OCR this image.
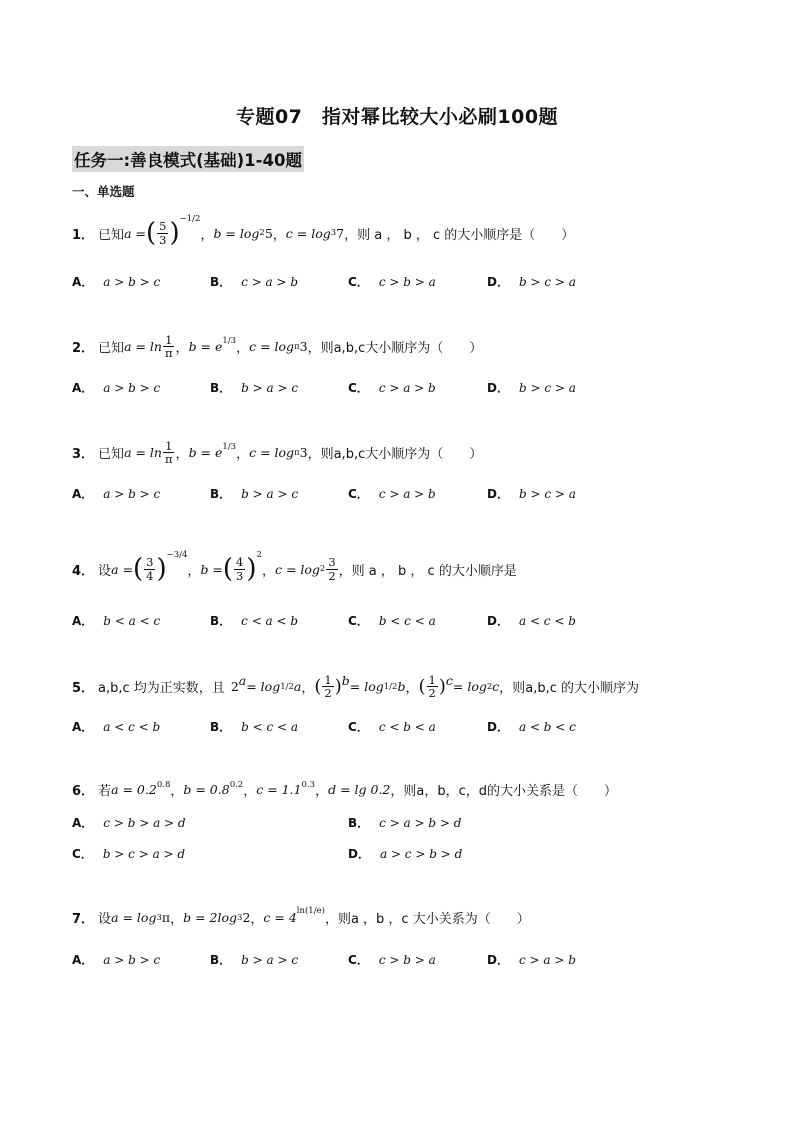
专题07　指对幂比较大小必刷100题
任务一:善良模式(基础)1-40题
一、单选题
1． 已知 a = ( $\frac{5}{3} )^{-1/2}$
， b = log 2 5 ， c = log 3 7 ，则 a ， b ， c 的大小顺序是（　　）
A． a > b > c	B． c > a > b	C． c > b > a	D． b > c > a
2． 已知 $a = \ln \frac{1}{\pi}$ ， $b = e^{1/3}$
， c = log π 3 ，则a,b,c大小顺序为（　　）
A． a > b > c	B． b > a > c	C． c > a > b	D． b > c > a
3． 已知 $a = \ln \frac{1}{\pi}$ ， $b = e^{1/3}$
， c = log π 3 ，则a,b,c大小顺序为（　　）
A． a > b > c	B． b > a > c	C． c > a > b	D． b > c > a
4． 设 a = ( $\frac{3}{4} )^{-3/4}$
， b = ( $\frac{4}{3} )^2$
， $c = \log 2 \frac{3}{2}$ ，则 a ， b ， c 的大小顺序是
A． b < a < c	B． c < a < b	C． b < c < a	D． a < c < b
5． a,b,c 均为正实数，且 $2^a = \log 1/2$ a ， ( $\frac{1}{2} )^b = \log 1/2$ b ， ( $\frac{1}{2} )^c = \log 2$ c ，则a,b,c 的大小顺序为
A． a < c < b	B． b < c < a	C． c < b < a	D． a < b < c
6． 若 $a = 0.2^{0.8}$ ， $b = 0.8^{0.2}$ ， $c = 1.1^{0.3}$ ， d = lg 0.2 ，则a，b，c，d的大小关系是（　　）
A． c > b > a > d	B． c > a > b > d
C． b > c > a > d	D． a > c > b > d
7． 设 a = log 3 π ， b = 2log 3 2 ， $c = 4^{ln(1/e)}$
，则a ，b ，c 大小关系为（　　）
A． a > b > c	B． b > a > c	C． c > b > a	D． c > a > b
